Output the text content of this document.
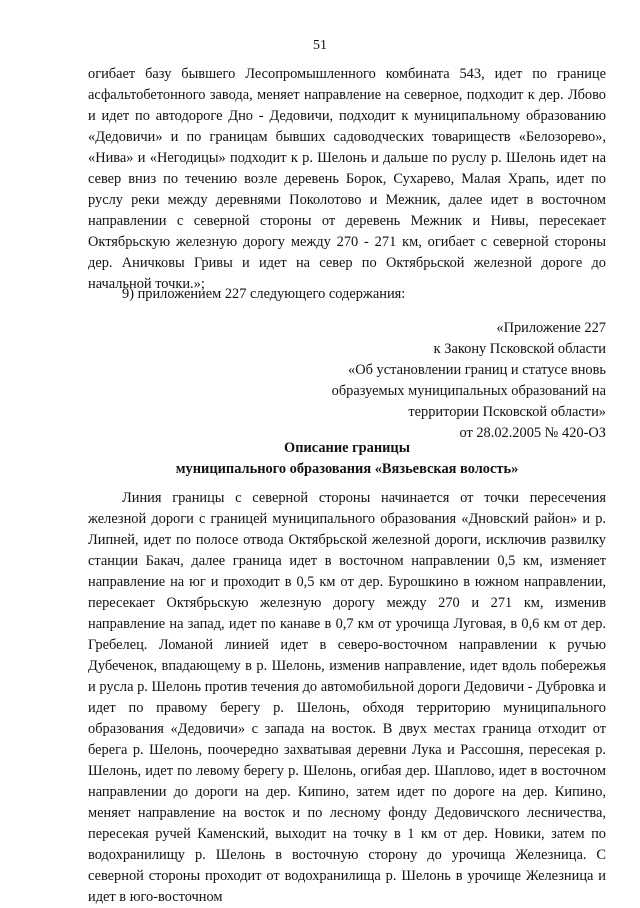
51

огибает базу бывшего Лесопромышленного комбината 543, идет по границе асфальтобетонного завода, меняет направление на северное, подходит к дер. Лбово и идет по автодороге Дно - Дедовичи, подходит к муниципальному образованию «Дедовичи» и по границам бывших садоводческих товариществ «Белозорево», «Нива» и «Негодицы» подходит к р. Шелонь и дальше по руслу р. Шелонь идет на север вниз по течению возле деревень Борок, Сухарево, Малая Храпь, идет по руслу реки между деревнями Поколотово и Межник, далее идет в восточном направлении с северной стороны от деревень Межник и Нивы, пересекает Октябрьскую железную дорогу между 270 - 271 км, огибает с северной стороны дер. Аничковы Гривы и идет на север по Октябрьской железной дороге до начальной точки.»;

9) приложением 227 следующего содержания:

«Приложение 227
к Закону Псковской области
«Об установлении границ и статусе вновь
образуемых муниципальных образований на
территории Псковской области»
от 28.02.2005 № 420-ОЗ
Описание границы
муниципального образования «Вязьевская волость»

Линия границы с северной стороны начинается от точки пересечения железной дороги с границей муниципального образования «Дновский район» и р. Липней, идет по полосе отвода Октябрьской железной дороги, исключив развилку станции Бакач, далее граница идет в восточном направлении 0,5 км, изменяет направление на юг и проходит в 0,5 км от дер. Бурошкино в южном направлении, пересекает Октябрьскую железную дорогу между 270 и 271 км, изменив направление на запад, идет по канаве в 0,7 км от урочища Луговая, в 0,6 км от дер. Гребелец. Ломаной линией идет в северо-восточном направлении к ручью Дубеченок, впадающему в р. Шелонь, изменив направление, идет вдоль побережья и русла р. Шелонь против течения до автомобильной дороги Дедовичи - Дубровка и идет по правому берегу р. Шелонь, обходя территорию муниципального образования «Дедовичи» с запада на восток. В двух местах граница отходит от берега р. Шелонь, поочередно захватывая деревни Лука и Рассошня, пересекая р. Шелонь, идет по левому берегу р. Шелонь, огибая дер. Шаплово, идет в восточном направлении до дороги на дер. Кипино, затем идет по дороге на дер. Кипино, меняет направление на восток и по лесному фонду Дедовичского лесничества, пересекая ручей Каменский, выходит на точку в 1 км от дер. Новики, затем по водохранилищу р. Шелонь в восточную сторону до урочища Железница. С северной стороны проходит от водохранилища р. Шелонь в урочище Железница и идет в юго-восточном
